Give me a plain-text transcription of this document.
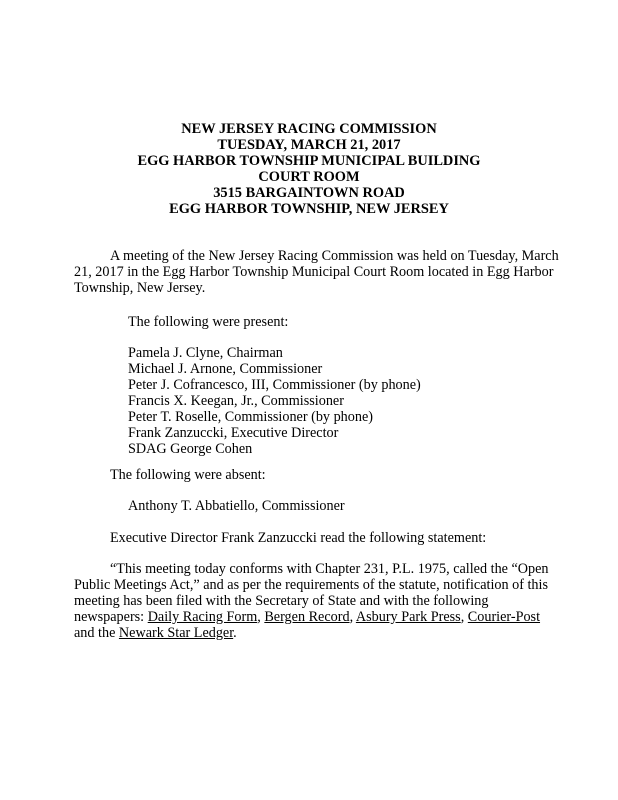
NEW JERSEY RACING COMMISSION
TUESDAY, MARCH 21, 2017
EGG HARBOR TOWNSHIP MUNICIPAL BUILDING
COURT ROOM
3515 BARGAINTOWN ROAD
EGG HARBOR TOWNSHIP, NEW JERSEY
A meeting of the New Jersey Racing Commission was held on Tuesday, March 21, 2017 in the Egg Harbor Township Municipal Court Room located in Egg Harbor Township, New Jersey.
The following were present:
Pamela J. Clyne, Chairman
Michael J. Arnone, Commissioner
Peter J. Cofrancesco, III, Commissioner (by phone)
Francis X. Keegan, Jr., Commissioner
Peter T. Roselle, Commissioner (by phone)
Frank Zanzuccki, Executive Director
SDAG George Cohen
The following were absent:
Anthony T. Abbatiello, Commissioner
Executive Director Frank Zanzuccki read the following statement:
“This meeting today conforms with Chapter 231, P.L. 1975, called the “Open Public Meetings Act,” and as per the requirements of the statute, notification of this meeting has been filed with the Secretary of State and with the following newspapers: Daily Racing Form, Bergen Record, Asbury Park Press, Courier-Post and the Newark Star Ledger.
